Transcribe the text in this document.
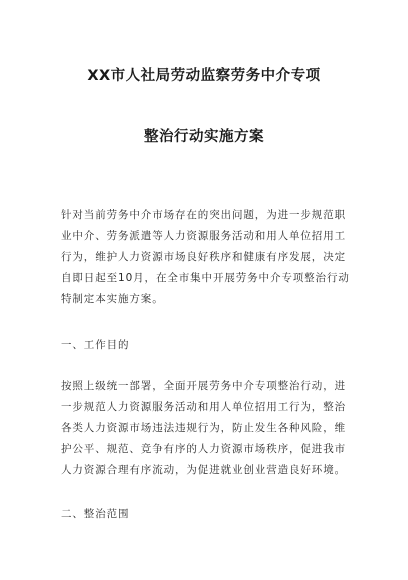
XX市人社局劳动监察劳务中介专项
整治行动实施方案
针对当前劳务中介市场存在的突出问题，为进一步规范职
业中介、劳务派遣等人力资源服务活动和用人单位招用工
行为，维护人力资源市场良好秩序和健康有序发展，决定
自即日起至10月，在全市集中开展劳务中介专项整治行动
特制定本实施方案。
一、工作目的
按照上级统一部署，全面开展劳务中介专项整治行动，进
一步规范人力资源服务活动和用人单位招用工行为，整治
各类人力资源市场违法违规行为，防止发生各种风险，维
护公平、规范、竞争有序的人力资源市场秩序，促进我市
人力资源合理有序流动，为促进就业创业营造良好环境。
二、整治范围
